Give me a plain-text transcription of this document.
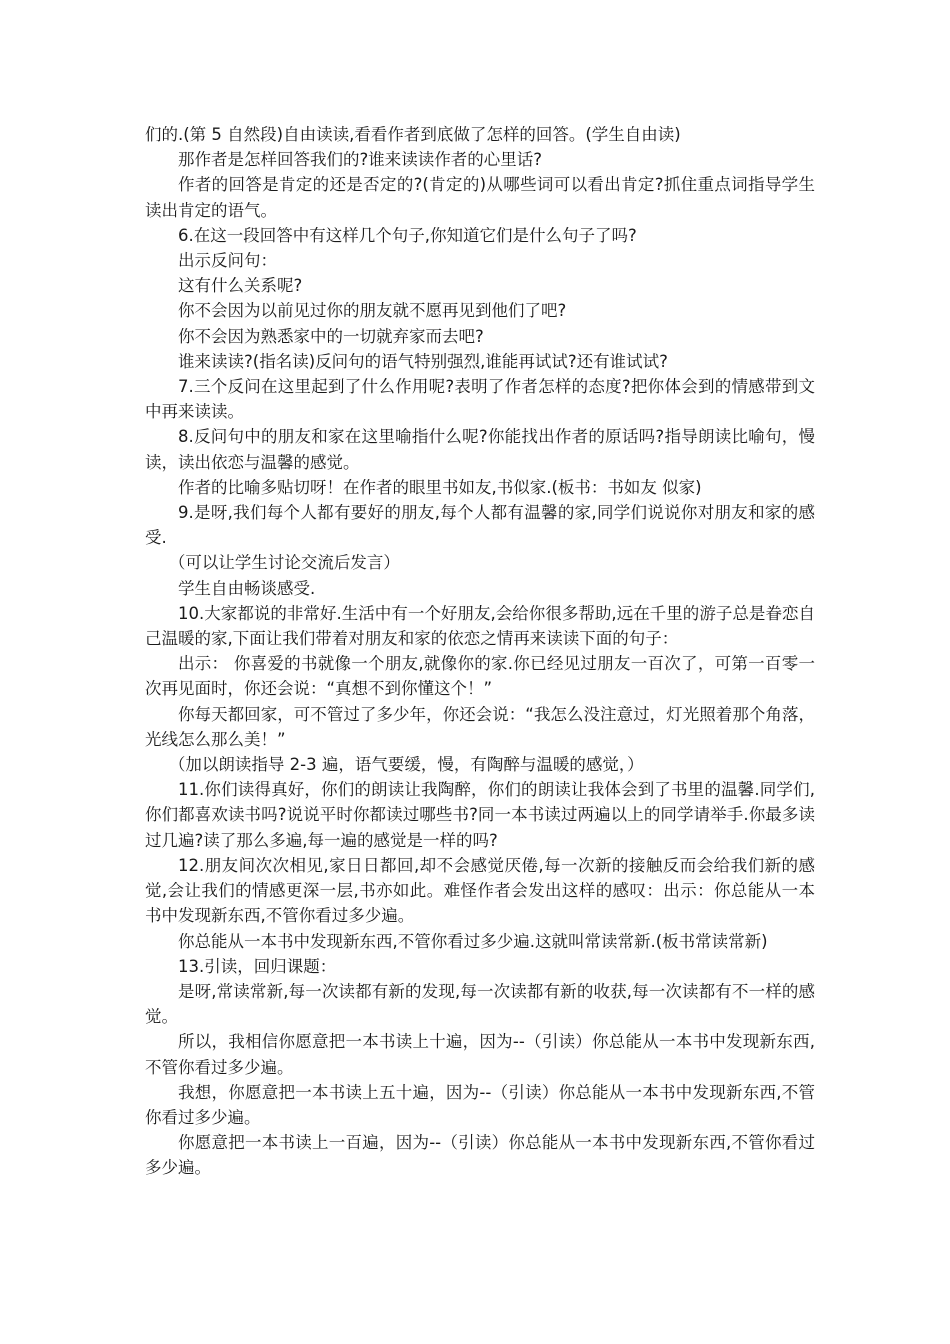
们的.(第 5 自然段)自由读读,看看作者到底做了怎样的回答。(学生自由读)

那作者是怎样回答我们的?谁来读读作者的心里话?

作者的回答是肯定的还是否定的?(肯定的)从哪些词可以看出肯定?抓住重点词指导学生读出肯定的语气。

6.在这一段回答中有这样几个句子,你知道它们是什么句子了吗?

出示反问句：

这有什么关系呢?

你不会因为以前见过你的朋友就不愿再见到他们了吧?

你不会因为熟悉家中的一切就弃家而去吧?

谁来读读?(指名读)反问句的语气特别强烈,谁能再试试?还有谁试试?

7.三个反问在这里起到了什么作用呢?表明了作者怎样的态度?把你体会到的情感带到文中再来读读。

8.反问句中的朋友和家在这里喻指什么呢?你能找出作者的原话吗?指导朗读比喻句，慢读，读出依恋与温馨的感觉。

作者的比喻多贴切呀！在作者的眼里书如友,书似家.(板书：书如友 似家)

9.是呀,我们每个人都有要好的朋友,每个人都有温馨的家,同学们说说你对朋友和家的感受.

（可以让学生讨论交流后发言）

学生自由畅谈感受.

10.大家都说的非常好.生活中有一个好朋友,会给你很多帮助,远在千里的游子总是眷恋自己温暖的家,下面让我们带着对朋友和家的依恋之情再来读读下面的句子：

出示： 你喜爱的书就像一个朋友,就像你的家.你已经见过朋友一百次了，可第一百零一次再见面时，你还会说：“真想不到你懂这个！”

你每天都回家，可不管过了多少年，你还会说：“我怎么没注意过，灯光照着那个角落，光线怎么那么美！”

（加以朗读指导 2-3 遍，语气要缓，慢，有陶醉与温暖的感觉，）

11.你们读得真好，你们的朗读让我陶醉，你们的朗读让我体会到了书里的温馨.同学们,你们都喜欢读书吗?说说平时你都读过哪些书?同一本书读过两遍以上的同学请举手.你最多读过几遍?读了那么多遍,每一遍的感觉是一样的吗?

12.朋友间次次相见,家日日都回,却不会感觉厌倦,每一次新的接触反而会给我们新的感觉,会让我们的情感更深一层,书亦如此。难怪作者会发出这样的感叹：出示：你总能从一本书中发现新东西,不管你看过多少遍。

你总能从一本书中发现新东西,不管你看过多少遍.这就叫常读常新.(板书常读常新)

13.引读，回归课题：

是呀,常读常新,每一次读都有新的发现,每一次读都有新的收获,每一次读都有不一样的感觉。

所以，我相信你愿意把一本书读上十遍，因为--（引读）你总能从一本书中发现新东西,不管你看过多少遍。

我想，你愿意把一本书读上五十遍，因为--（引读）你总能从一本书中发现新东西,不管你看过多少遍。

你愿意把一本书读上一百遍，因为--（引读）你总能从一本书中发现新东西,不管你看过多少遍。
